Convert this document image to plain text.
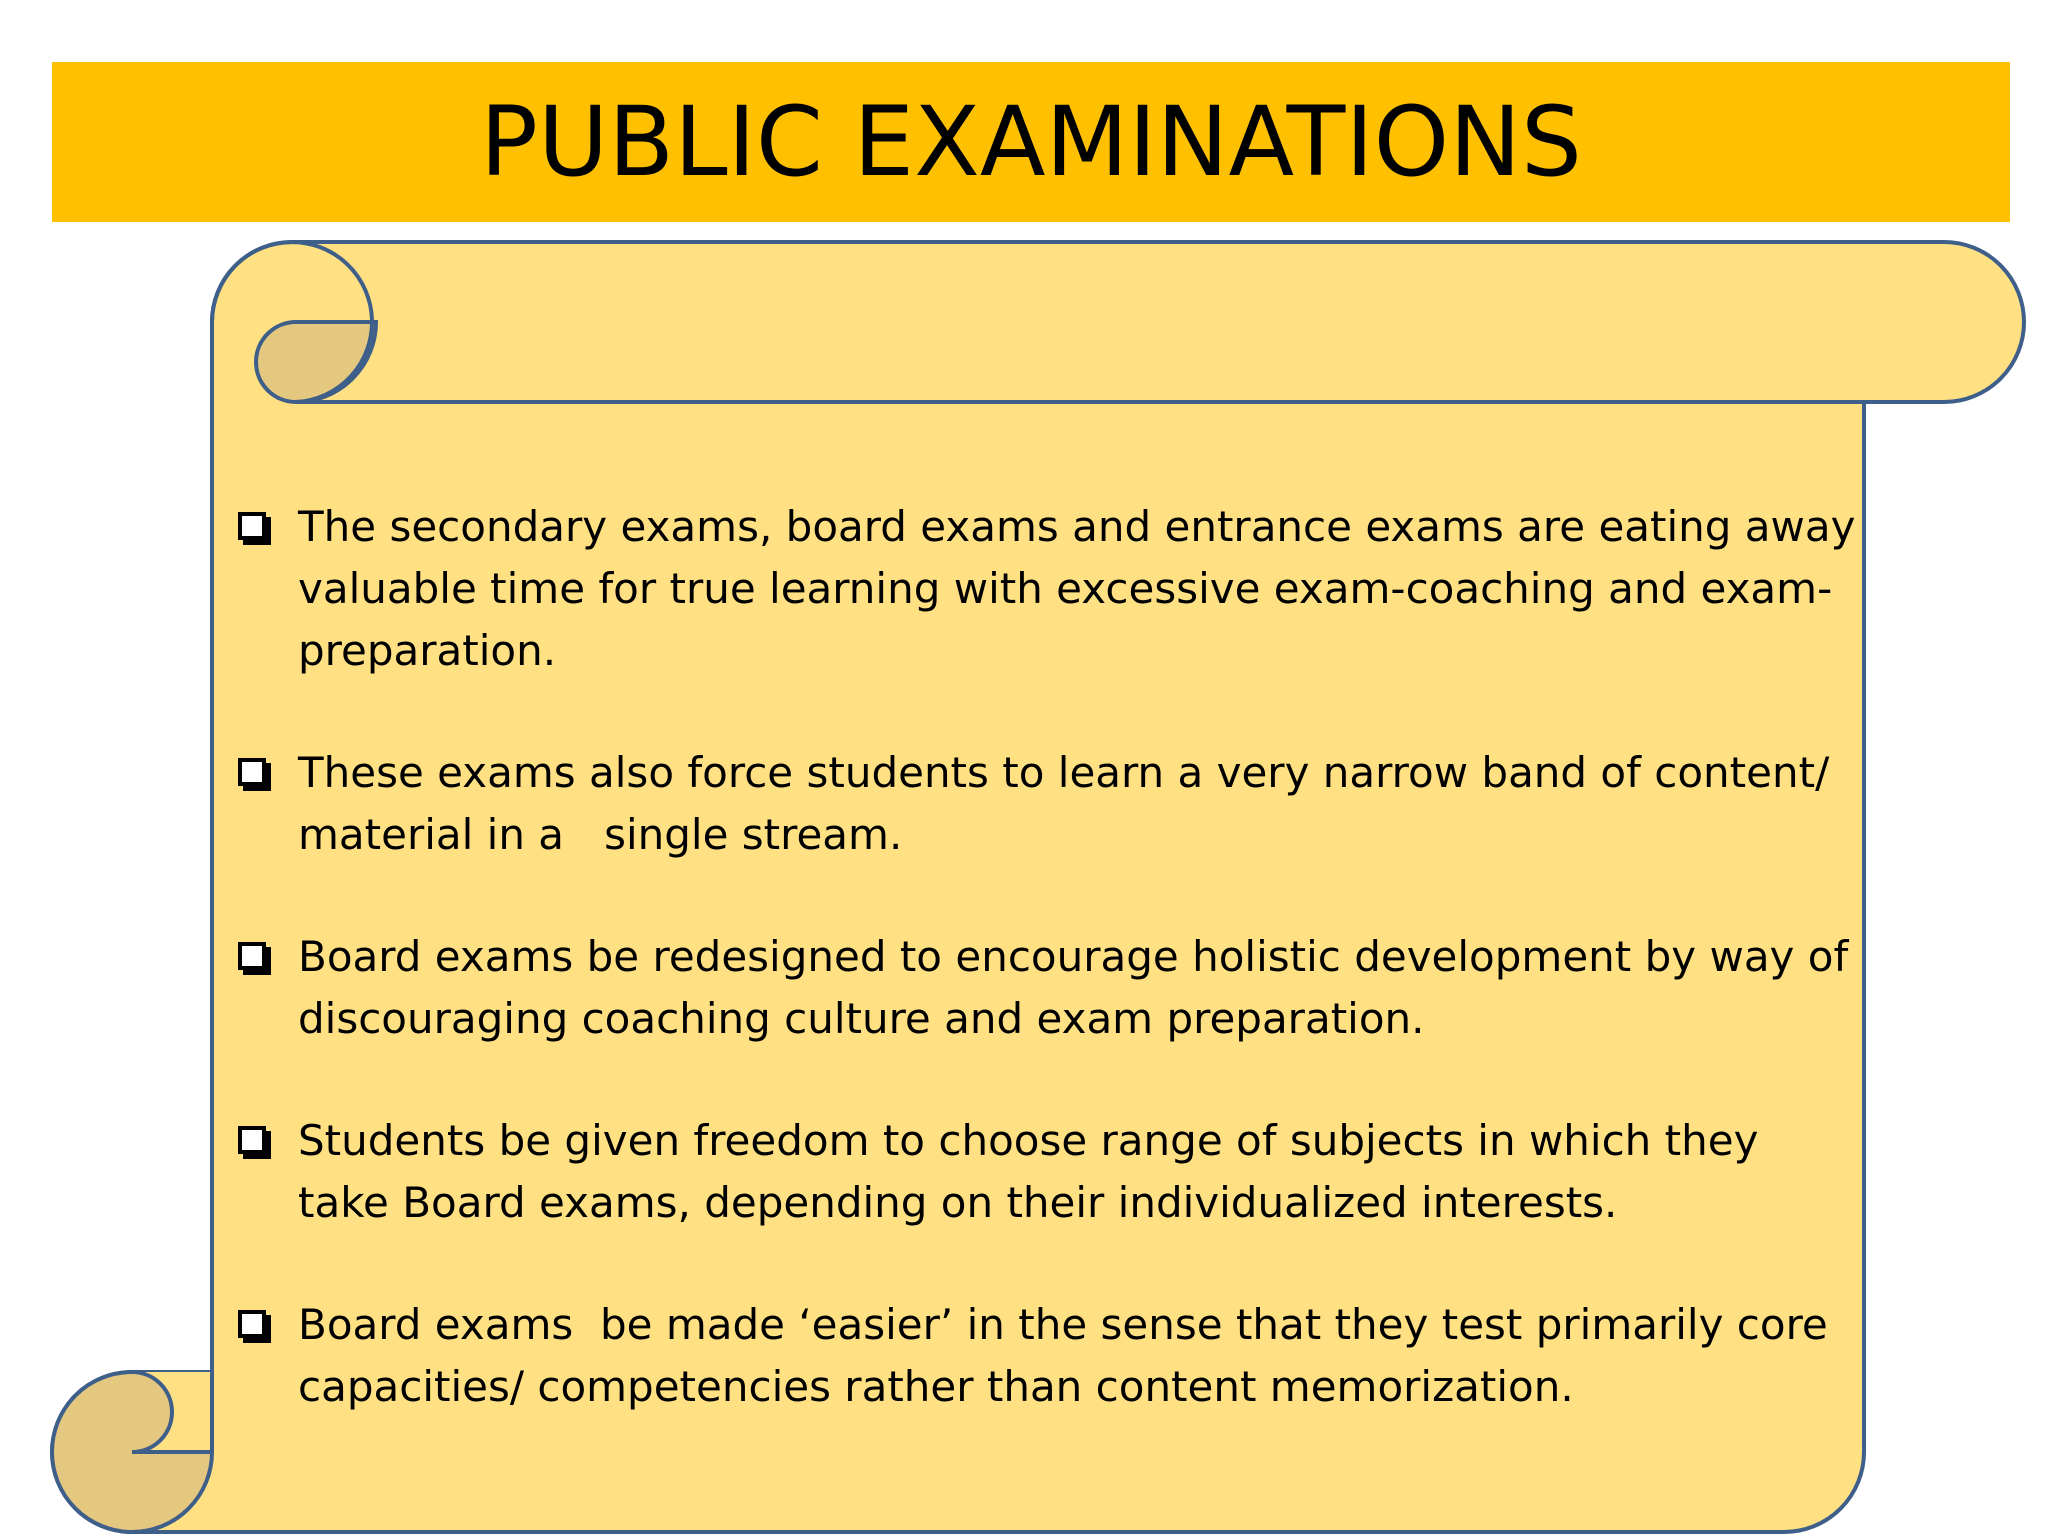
PUBLIC EXAMINATIONS
The secondary exams, board exams and entrance exams are eating away valuable time for true learning with excessive exam-coaching and exam-preparation.
These exams also force students to learn a very narrow band of content/ material in a   single stream.
Board exams be redesigned to encourage holistic development by way of discouraging coaching culture and exam preparation.
Students be given freedom to choose range of subjects in which they take Board exams, depending on their individualized interests.
Board exams  be made ‘easier’ in the sense that they test primarily core capacities/ competencies rather than content memorization.
